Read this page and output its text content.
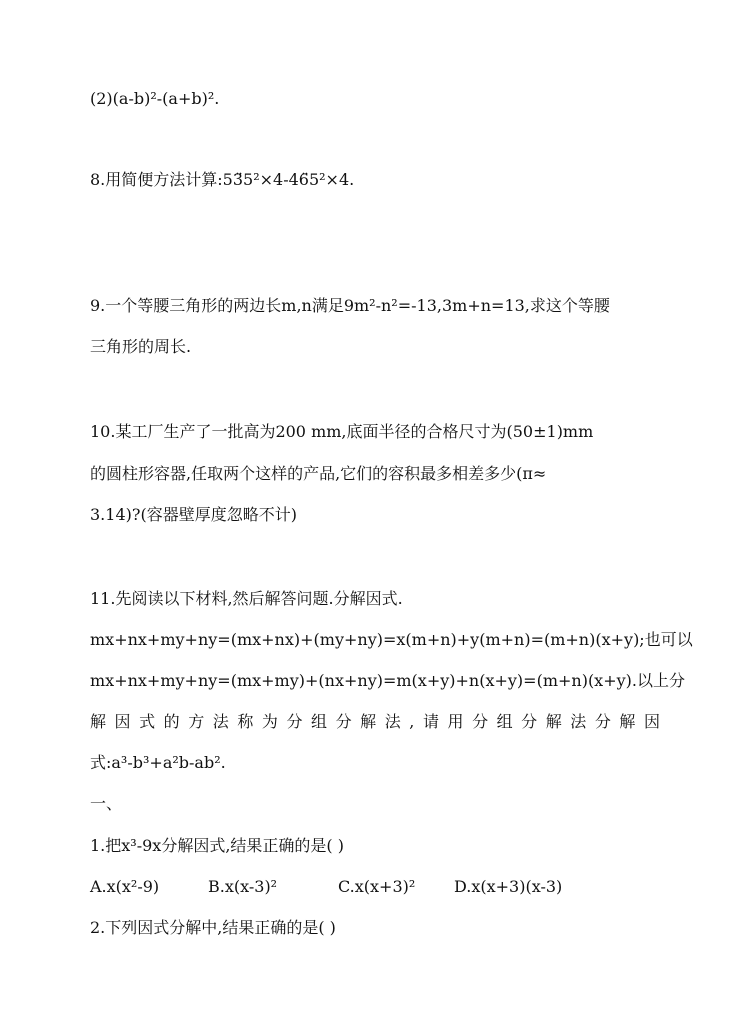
(2)(a-b)²-(a+b)².
8.用简便方法计算:53̈5²×4-46̈5²×4.
9.一个等腰三角形的两边长m,n满足9m²-n²=-13,3m+n=13,求这个等腰
三角形的周长.
10.某工厂生产了一批高为200 mm,底面半径的合格尺寸为(50±1)mm
的圆柱形容器,任取两个这样的产品,它们的容积最多相差多少(π≈
3.14)?(容器壁厚度忽略不计)
11.先阅读以下材料,然后解答问题.分解因式.
mx+nx+my+ny=(mx+nx)+(my+ny)=x(m+n)+y(m+n)=(m+n)(x+y);也可以
mx+nx+my+ny=(mx+my)+(nx+ny)=m(x+y)+n(x+y)=(m+n)(x+y).以上分
解因式的方法称为分组分解法,请用分组分解法分解因
式:a³-b³+a²b-ab².
一、
1.把x³-9x分解因式,结果正确的是( )
A.x(x²-9)	B.x(x-3)²	C.x(x+3)² D.x(x+3)(x-3)
2.下列因式分解中,结果正确的是( )
